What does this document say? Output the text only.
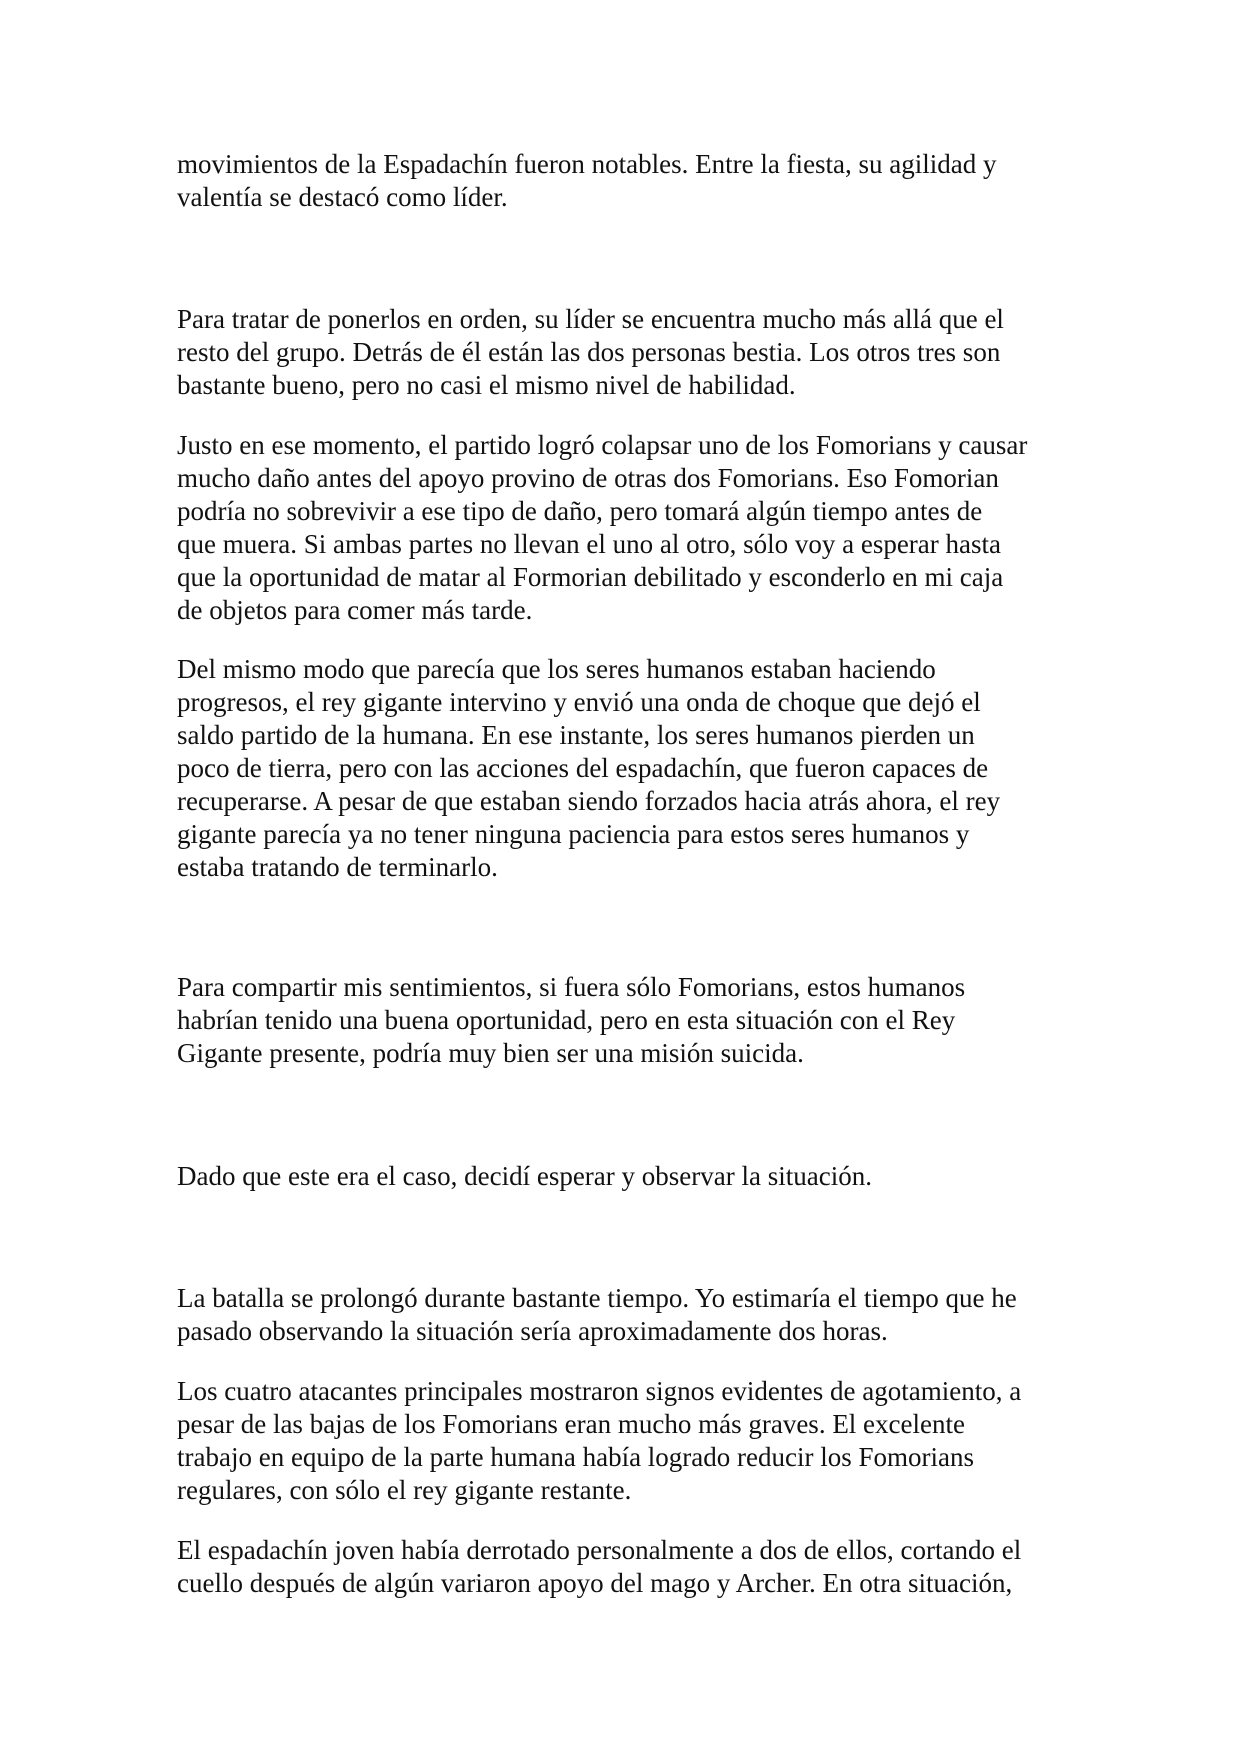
movimientos de la Espadachín fueron notables. Entre la fiesta, su agilidad y
valentía se destacó como líder.

Para tratar de ponerlos en orden, su líder se encuentra mucho más allá que el
resto del grupo. Detrás de él están las dos personas bestia. Los otros tres son
bastante bueno, pero no casi el mismo nivel de habilidad.

Justo en ese momento, el partido logró colapsar uno de los Fomorians y causar
mucho daño antes del apoyo provino de otras dos Fomorians. Eso Fomorian
podría no sobrevivir a ese tipo de daño, pero tomará algún tiempo antes de
que muera. Si ambas partes no llevan el uno al otro, sólo voy a esperar hasta
que la oportunidad de matar al Formorian debilitado y esconderlo en mi caja
de objetos para comer más tarde.

Del mismo modo que parecía que los seres humanos estaban haciendo
progresos, el rey gigante intervino y envió una onda de choque que dejó el
saldo partido de la humana. En ese instante, los seres humanos pierden un
poco de tierra, pero con las acciones del espadachín, que fueron capaces de
recuperarse. A pesar de que estaban siendo forzados hacia atrás ahora, el rey
gigante parecía ya no tener ninguna paciencia para estos seres humanos y
estaba tratando de terminarlo.

Para compartir mis sentimientos, si fuera sólo Fomorians, estos humanos
habrían tenido una buena oportunidad, pero en esta situación con el Rey
Gigante presente, podría muy bien ser una misión suicida.

Dado que este era el caso, decidí esperar y observar la situación.

La batalla se prolongó durante bastante tiempo. Yo estimaría el tiempo que he
pasado observando la situación sería aproximadamente dos horas.

Los cuatro atacantes principales mostraron signos evidentes de agotamiento, a
pesar de las bajas de los Fomorians eran mucho más graves. El excelente
trabajo en equipo de la parte humana había logrado reducir los Fomorians
regulares, con sólo el rey gigante restante.

El espadachín joven había derrotado personalmente a dos de ellos, cortando el
cuello después de algún variaron apoyo del mago y Archer. En otra situación,
